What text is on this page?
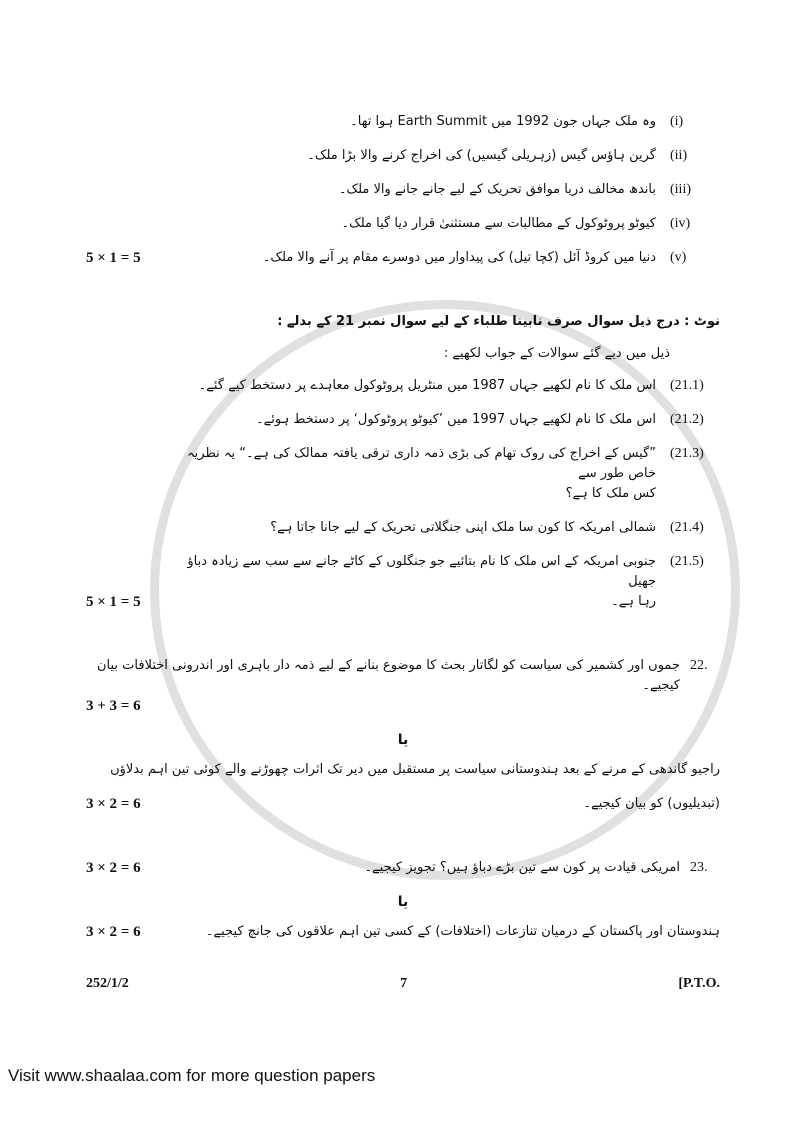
وہ ملک جہاں جون 1992 میں Earth Summit ہوا تھا۔	(i)
گرین ہاؤس گیس (زہریلی گیسیں) کی اخراج کرنے والا بڑا ملک۔	(ii)
باندھ مخالف دریا موافق تحریک کے لیے جانے جانے والا ملک۔	(iii)
کیوٹو پروٹوکول کے مطالبات سے مستثنیٰ قرار دیا گیا ملک۔	(iv)
5 × 1 = 5	دنیا میں کروڈ آئل (کچا تیل) کی پیداوار میں دوسرے مقام پر آنے والا ملک۔	(v)
نوٹ : درج ذیل سوال صرف نابینا طلباء کے لیے سوال نمبر 21 کے بدلے :
ذیل میں دیے گئے سوالات کے جواب لکھیے :
اس ملک کا نام لکھیے جہاں 1987 میں منٹریل پروٹوکول معاہدے پر دستخط کیے گئے۔	(21.1)
اس ملک کا نام لکھیے جہاں 1997 میں ’کیوٹو پروٹوکول‘ پر دستخط ہوئے۔	(21.2)
”گیس کے اخراج کی روک تھام کی بڑی ذمہ داری ترقی یافتہ ممالک کی ہے۔“ یہ نظریہ خاص طور سے
(21.3)
کس ملک کا ہے؟
شمالی امریکہ کا کون سا ملک اپنی جنگلاتی تحریک کے لیے جانا جاتا ہے؟	(21.4)
جنوبی امریکہ کے اس ملک کا نام بتائیے جو جنگلوں کے کاٹے جانے سے سب سے زیادہ دباؤ جھیل
(21.5)
5 × 1 = 5	رہا ہے۔
جموں اور کشمیر کی سیاست کو لگاتار بحث کا موضوع بنانے کے لیے ذمہ دار باہری اور اندرونی اختلافات بیان کیجیے۔
22.
3 + 3 = 6
یا
راجیو گاندھی کے مرنے کے بعد ہندوستانی سیاست پر مستقبل میں دیر تک اثرات چھوڑنے والے کوئی تین اہم بدلاؤں
3 × 2 = 6	(تبدیلیوں) کو بیان کیجیے۔
3 × 2 = 6	امریکی قیادت پر کون سے تین بڑے دباؤ ہیں؟ تجویز کیجیے۔ 23.
یا
3 × 2 = 6	ہندوستان اور پاکستان کے درمیان تنازعات (اختلافات) کے کسی تین اہم علاقوں کی جانچ کیجیے۔
252/1/2	7	[P.T.O.
Visit www.shaalaa.com for more question papers
